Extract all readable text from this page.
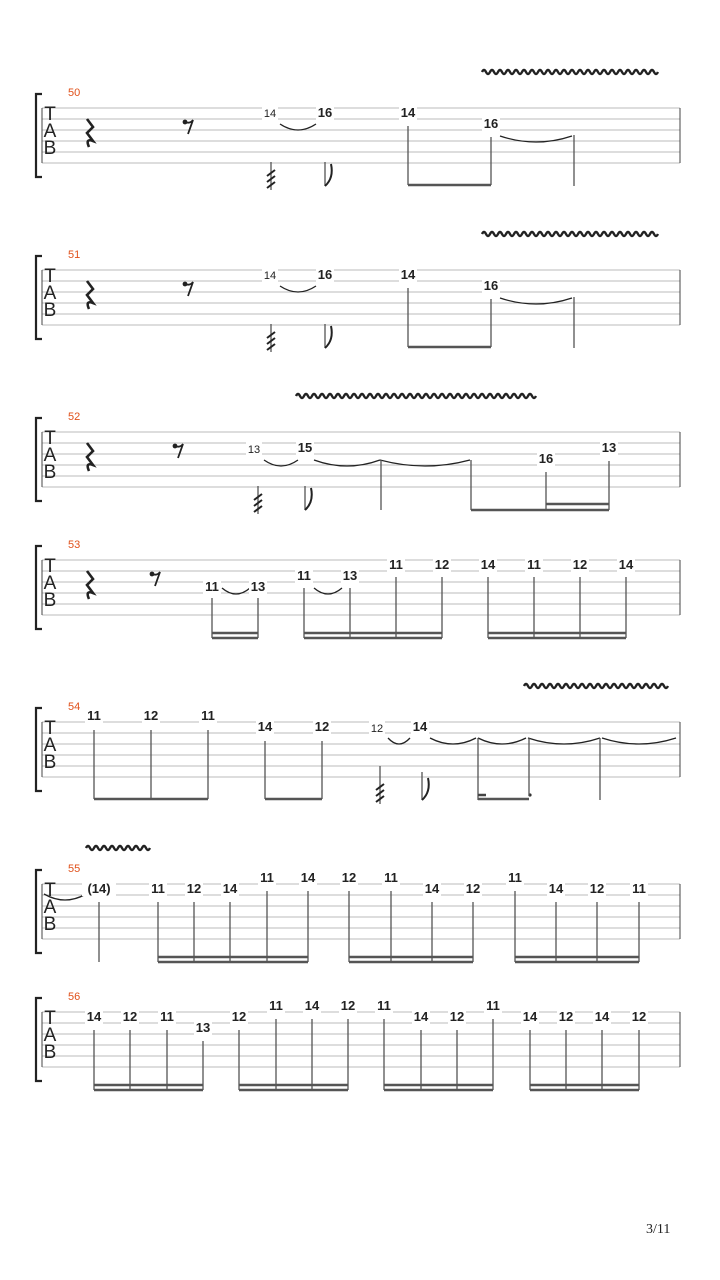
T
A
B
50
14	16	14
16
T
A
B
51
14	16	14
16
T
A
B
52
13	15
16
13
T
A
B
53
11 13
11 13
11 12 14 11 12 14
T
A
B
54
11	12	11
14	12	12 14
T
A
B
55
(14)	11 12 14
11 14 12 11
14 12
11
14 12 11
T
A
B
56
14 12 11
13
12
11 14 12 11
14 12
11
14 12 14 12
3/11
